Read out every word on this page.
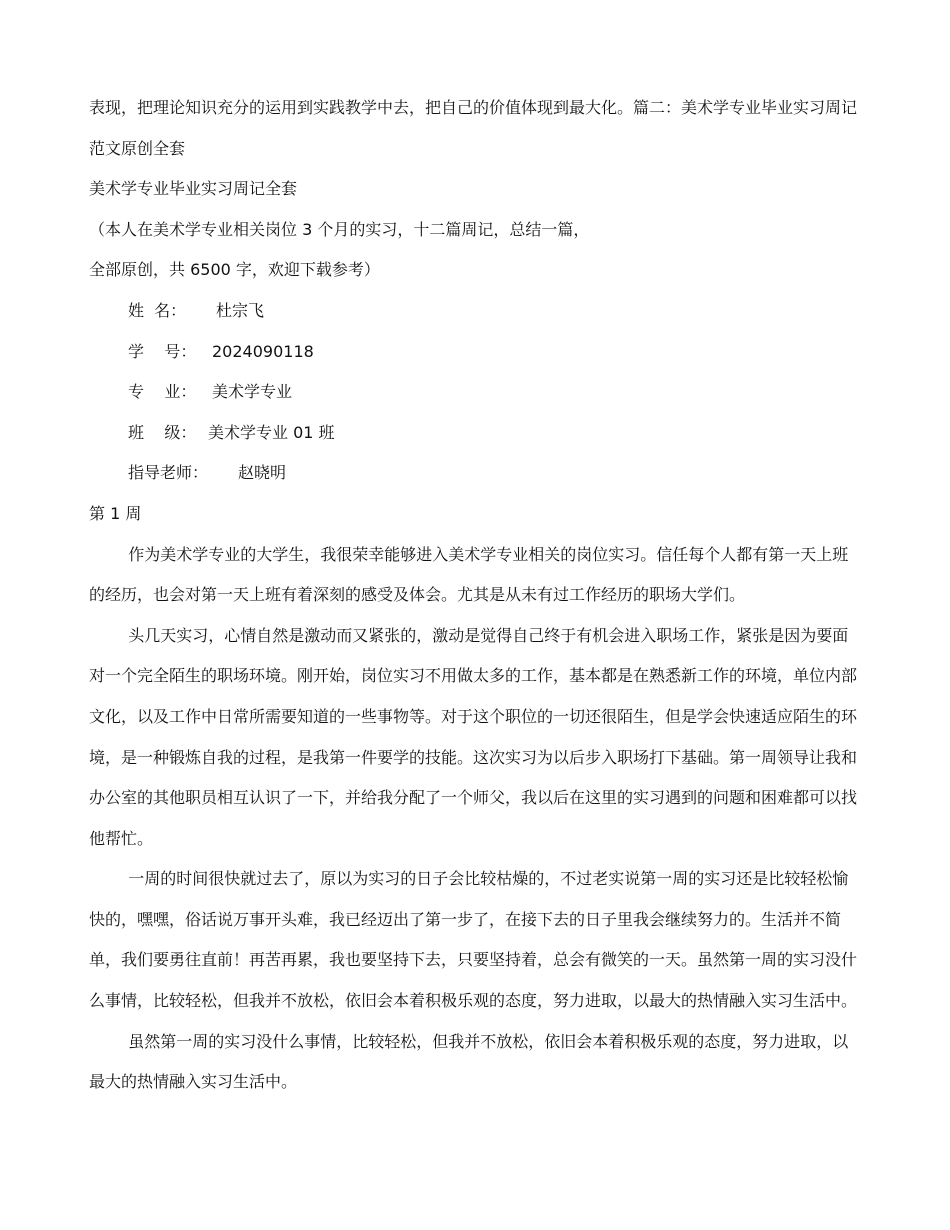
表现，把理论知识充分的运用到实践教学中去，把自己的价值体现到最大化。篇二：美术学专业毕业实习周记范文原创全套

美术学专业毕业实习周记全套

（本人在美术学专业相关岗位 3 个月的实习，十二篇周记，总结一篇，

全部原创，共 6500 字，欢迎下载参考）

姓  名：	杜宗飞
学    号： 2024090118
专    业： 美术学专业
班    级： 美术学专业 01 班
指导老师：	赵晓明

第 1 周

作为美术学专业的大学生，我很荣幸能够进入美术学专业相关的岗位实习。信任每个人都有第一天上班的经历，也会对第一天上班有着深刻的感受及体会。尤其是从未有过工作经历的职场大学们。

头几天实习，心情自然是激动而又紧张的，激动是觉得自己终于有机会进入职场工作，紧张是因为要面对一个完全陌生的职场环境。刚开始，岗位实习不用做太多的工作，基本都是在熟悉新工作的环境，单位内部文化，以及工作中日常所需要知道的一些事物等。对于这个职位的一切还很陌生，但是学会快速适应陌生的环境，是一种锻炼自我的过程，是我第一件要学的技能。这次实习为以后步入职场打下基础。第一周领导让我和办公室的其他职员相互认识了一下，并给我分配了一个师父，我以后在这里的实习遇到的问题和困难都可以找他帮忙。

一周的时间很快就过去了，原以为实习的日子会比较枯燥的，不过老实说第一周的实习还是比较轻松愉快的，嘿嘿，俗话说万事开头难，我已经迈出了第一步了，在接下去的日子里我会继续努力的。生活并不简单，我们要勇往直前！再苦再累，我也要坚持下去，只要坚持着，总会有微笑的一天。虽然第一周的实习没什么事情，比较轻松，但我并不放松，依旧会本着积极乐观的态度，努力进取，以最大的热情融入实习生活中。

虽然第一周的实习没什么事情，比较轻松，但我并不放松，依旧会本着积极乐观的态度，努力进取，以最大的热情融入实习生活中。
